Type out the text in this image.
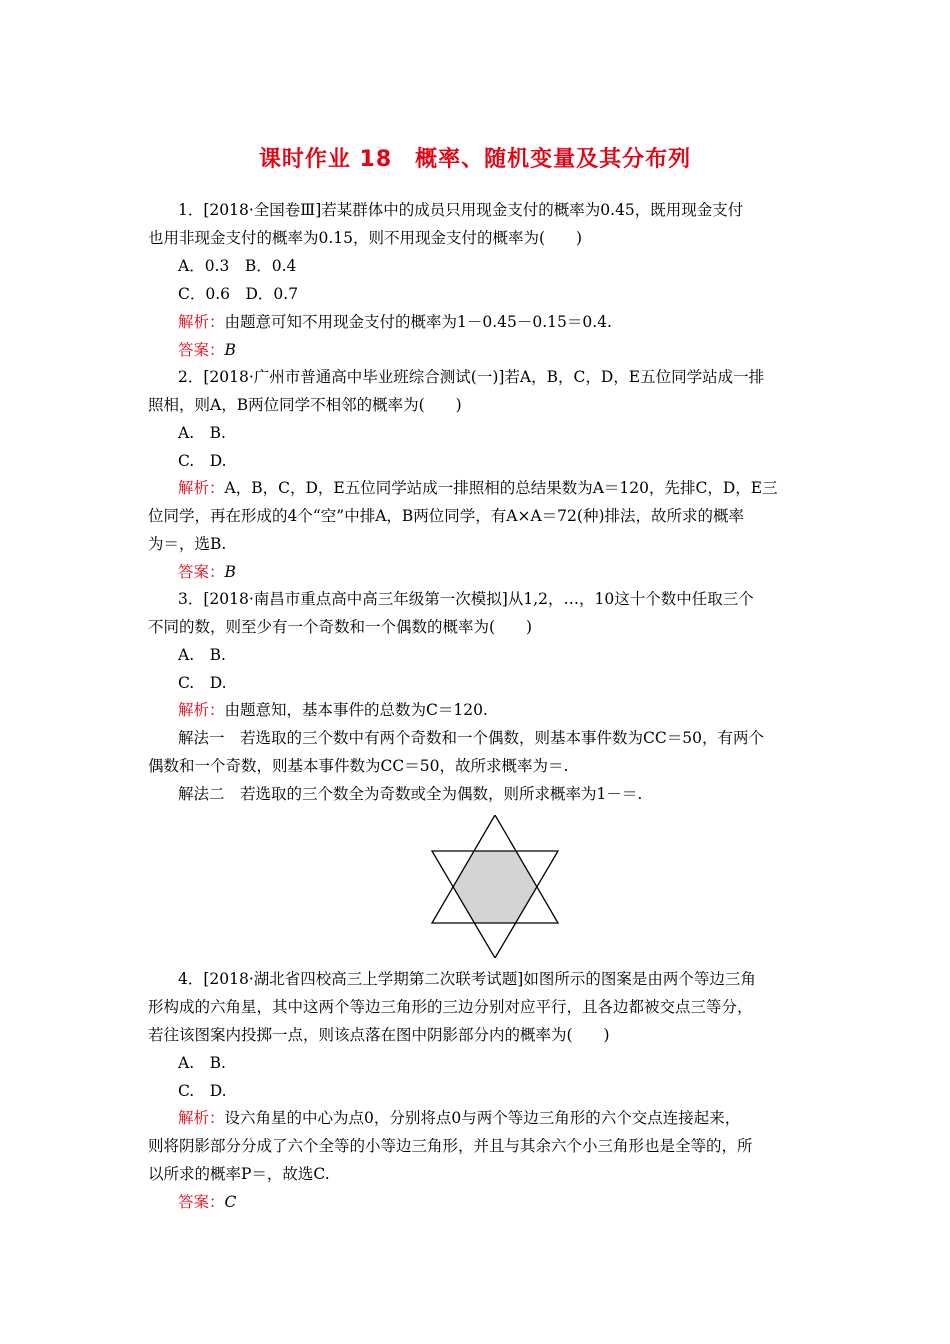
课时作业 18　概率、随机变量及其分布列
1．[2018·全国卷Ⅲ]若某群体中的成员只用现金支付的概率为0.45，既用现金支付
也用非现金支付的概率为0.15，则不用现金支付的概率为(　　)
A．0.3　B．0.4
C．0.6　D．0.7
解析：由题意可知不用现金支付的概率为1－0.45－0.15＝0.4.
答案：B
2．[2018·广州市普通高中毕业班综合测试(一)]若A，B，C，D，E五位同学站成一排
照相，则A，B两位同学不相邻的概率为(　　)
A.　B.
C.　D.
解析：A，B，C，D，E五位同学站成一排照相的总结果数为A＝120，先排C，D，E三
位同学，再在形成的4个“空”中排A，B两位同学，有A×A＝72(种)排法，故所求的概率
为＝，选B.
答案：B
3．[2018·南昌市重点高中高三年级第一次模拟]从1,2，…，10这十个数中任取三个
不同的数，则至少有一个奇数和一个偶数的概率为(　　)
A.　B.
C.　D.
解析：由题意知，基本事件的总数为C＝120.
解法一　若选取的三个数中有两个奇数和一个偶数，则基本事件数为CC＝50，有两个
偶数和一个奇数，则基本事件数为CC＝50，故所求概率为＝.
解法二　若选取的三个数全为奇数或全为偶数，则所求概率为1－＝.
4．[2018·湖北省四校高三上学期第二次联考试题]如图所示的图案是由两个等边三角
形构成的六角星，其中这两个等边三角形的三边分别对应平行，且各边都被交点三等分，
若往该图案内投掷一点，则该点落在图中阴影部分内的概率为(　　)
A.　B.
C.　D.
解析：设六角星的中心为点0，分别将点0与两个等边三角形的六个交点连接起来，
则将阴影部分分成了六个全等的小等边三角形，并且与其余六个小三角形也是全等的，所
以所求的概率P＝，故选C.
答案：C
